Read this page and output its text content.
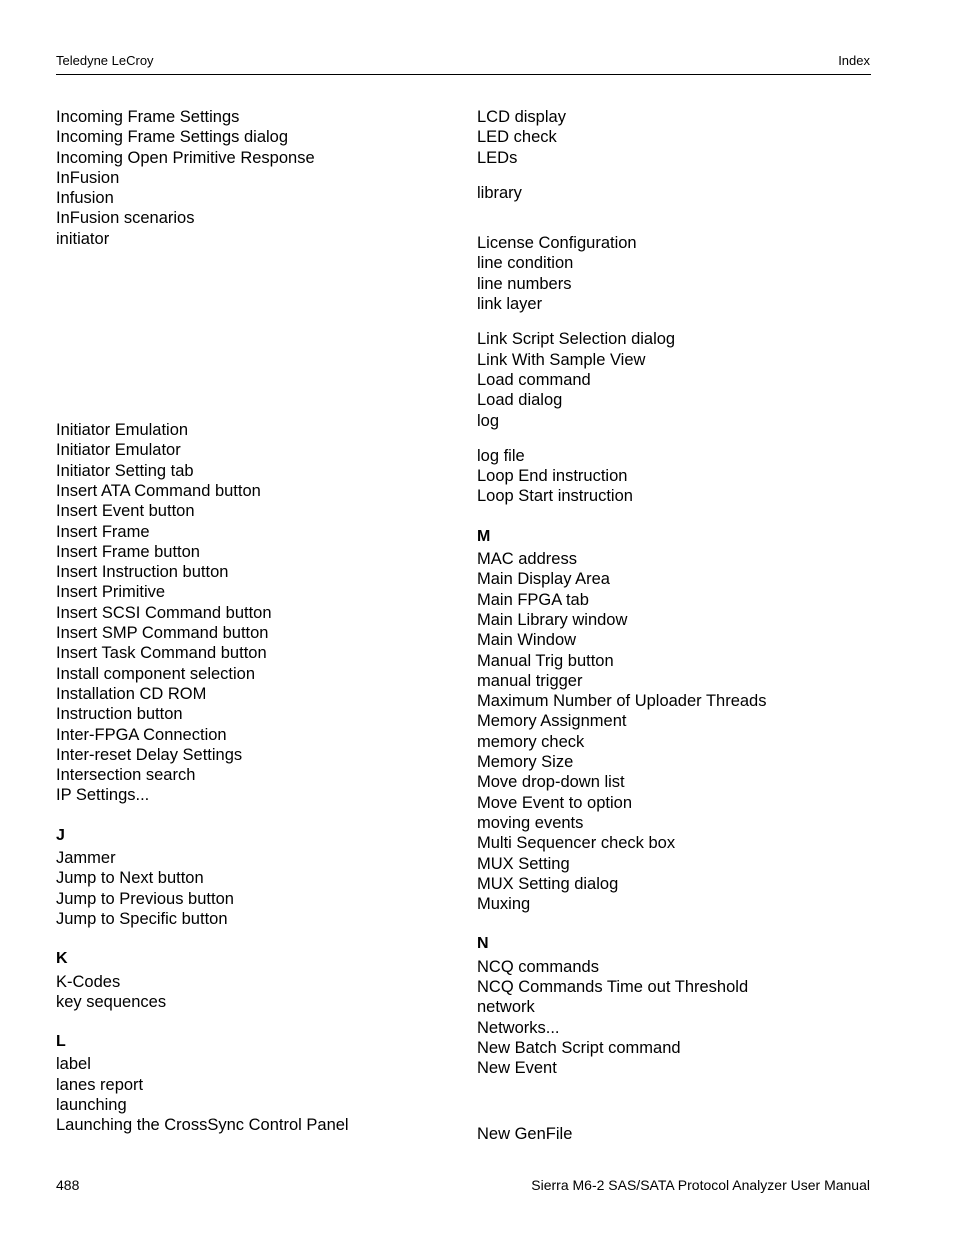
Teledyne LeCroy	Index
Incoming Frame Settings
Incoming Frame Settings dialog
Incoming Open Primitive Response
InFusion
Infusion
InFusion scenarios
initiator
Initiator Emulation
Initiator Emulator
Initiator Setting tab
Insert ATA Command button
Insert Event button
Insert Frame
Insert Frame button
Insert Instruction button
Insert Primitive
Insert SCSI Command button
Insert SMP Command button
Insert Task Command button
Install component selection
Installation CD ROM
Instruction button
Inter-FPGA Connection
Inter-reset Delay Settings
Intersection search
IP Settings...
J
Jammer
Jump to Next button
Jump to Previous button
Jump to Specific button
K
K-Codes
key sequences
L
label
lanes report
launching
Launching the CrossSync Control Panel
LCD display
LED check
LEDs
library
License Configuration
line condition
line numbers
link layer
Link Script Selection dialog
Link With Sample View
Load command
Load dialog
log
log file
Loop End instruction
Loop Start instruction
M
MAC address
Main Display Area
Main FPGA tab
Main Library window
Main Window
Manual Trig button
manual trigger
Maximum Number of Uploader Threads
Memory Assignment
memory check
Memory Size
Move drop-down list
Move Event to option
moving events
Multi Sequencer check box
MUX Setting
MUX Setting dialog
Muxing
N
NCQ commands
NCQ Commands Time out Threshold
network
Networks...
New Batch Script command
New Event
New GenFile
488	Sierra M6-2 SAS/SATA Protocol Analyzer User Manual
